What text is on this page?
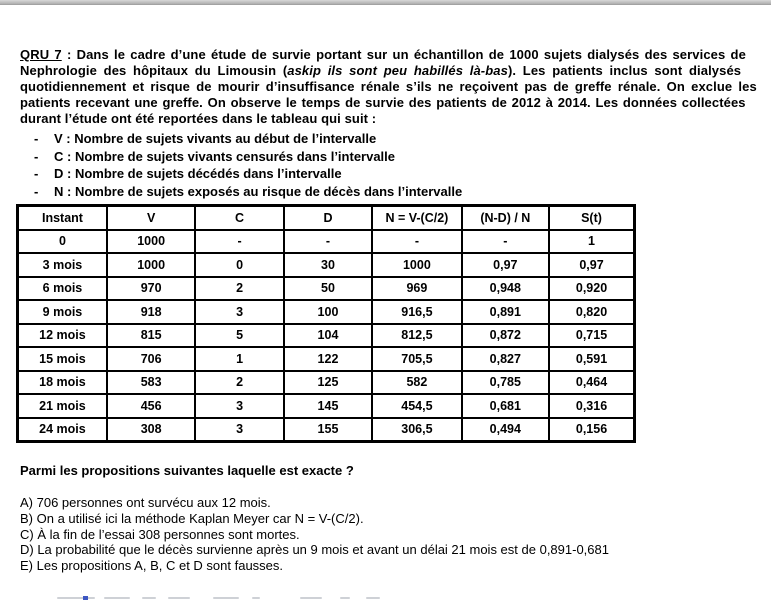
QRU 7 : Dans le cadre d’une étude de survie portant sur un échantillon de 1000 sujets dialysés des services de
Nephrologie des hôpitaux du Limousin (askip ils sont peu habillés là-bas). Les patients inclus sont dialysés
quotidiennement et risque de mourir d’insuffisance rénale s’ils ne reçoivent pas de greffe rénale. On exclue les
patients recevant une greffe. On observe le temps de survie des patients de 2012 à 2014. Les données collectées
durant l’étude ont été reportées dans le tableau qui suit :
-	V : Nombre de sujets vivants au début de l’intervalle
-	C : Nombre de sujets vivants censurés dans l’intervalle
-	D : Nombre de sujets décédés dans l’intervalle
-	N : Nombre de sujets exposés au risque de décès dans l’intervalle
Instant	V	C	D	N = V-(C/2)	(N-D) / N	S(t)
0	1000	-	-	-	-	1
3 mois	1000	0	30	1000	0,97	0,97
6 mois	970	2	50	969	0,948	0,920
9 mois	918	3	100	916,5	0,891	0,820
12 mois	815	5	104	812,5	0,872	0,715
15 mois	706	1	122	705,5	0,827	0,591
18 mois	583	2	125	582	0,785	0,464
21 mois	456	3	145	454,5	0,681	0,316
24 mois	308	3	155	306,5	0,494	0,156
Parmi les propositions suivantes laquelle est exacte ?
A) 706 personnes ont survécu aux 12 mois.
B) On a utilisé ici la méthode Kaplan Meyer car N = V-(C/2).
C) À la fin de l’essai 308 personnes sont mortes.
D) La probabilité que le décès survienne après un 9 mois et avant un délai 21 mois est de 0,891-0,681
E) Les propositions A, B, C et D sont fausses.
